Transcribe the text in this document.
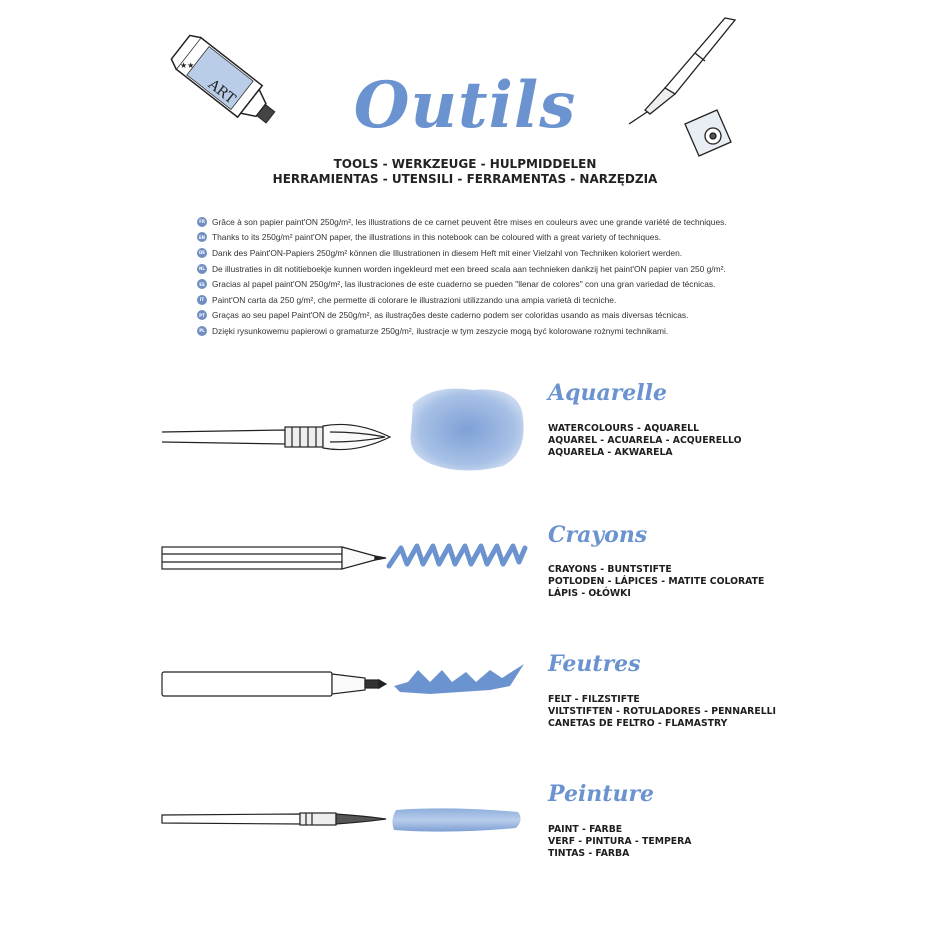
ART
★★
Outils
TOOLS - WERKZEUGE - HULPMIDDELEN
HERRAMIENTAS - UTENSILI - FERRAMENTAS - NARZĘDZIA
FR Grâce à son papier paint'ON 250g/m², les illustrations de ce carnet peuvent être mises en couleurs avec une grande variété de techniques.
EN Thanks to its 250g/m² paint'ON paper, the illustrations in this notebook can be coloured with a great variety of techniques.
DE Dank des Paint'ON-Papiers 250g/m² können die Illustrationen in diesem Heft mit einer Vielzahl von Techniken koloriert werden.
NL De illustraties in dit notitieboekje kunnen worden ingekleurd met een breed scala aan technieken dankzij het paint'ON papier van 250 g/m².
ES Gracias al papel paint'ON 250g/m², las ilustraciones de este cuaderno se pueden "llenar de colores" con una gran variedad de técnicas.
IT Paint'ON carta da 250 g/m², che permette di colorare le illustrazioni utilizzando una ampia varietà di tecniche.
PT Graças ao seu papel Paint'ON de 250g/m², as ilustrações deste caderno podem ser coloridas usando as mais diversas técnicas.
PL Dzięki rysunkowemu papierowi o gramaturze 250g/m², ilustracje w tym zeszycie mogą być kolorowane rożnymi technikami.
Aquarelle
WATERCOLOURS - AQUARELL
AQUAREL - ACUARELA - ACQUERELLO
AQUARELA - AKWARELA
Crayons
CRAYONS - BUNTSTIFTE
POTLODEN - LÁPICES - MATITE COLORATE
LÁPIS - OŁÓWKI
Feutres
FELT - FILZSTIFTE
VILTSTIFTEN - ROTULADORES - PENNARELLI
CANETAS DE FELTRO - FLAMASTRY
Peinture
PAINT - FARBE
VERF - PINTURA - TEMPERA
TINTAS - FARBA
